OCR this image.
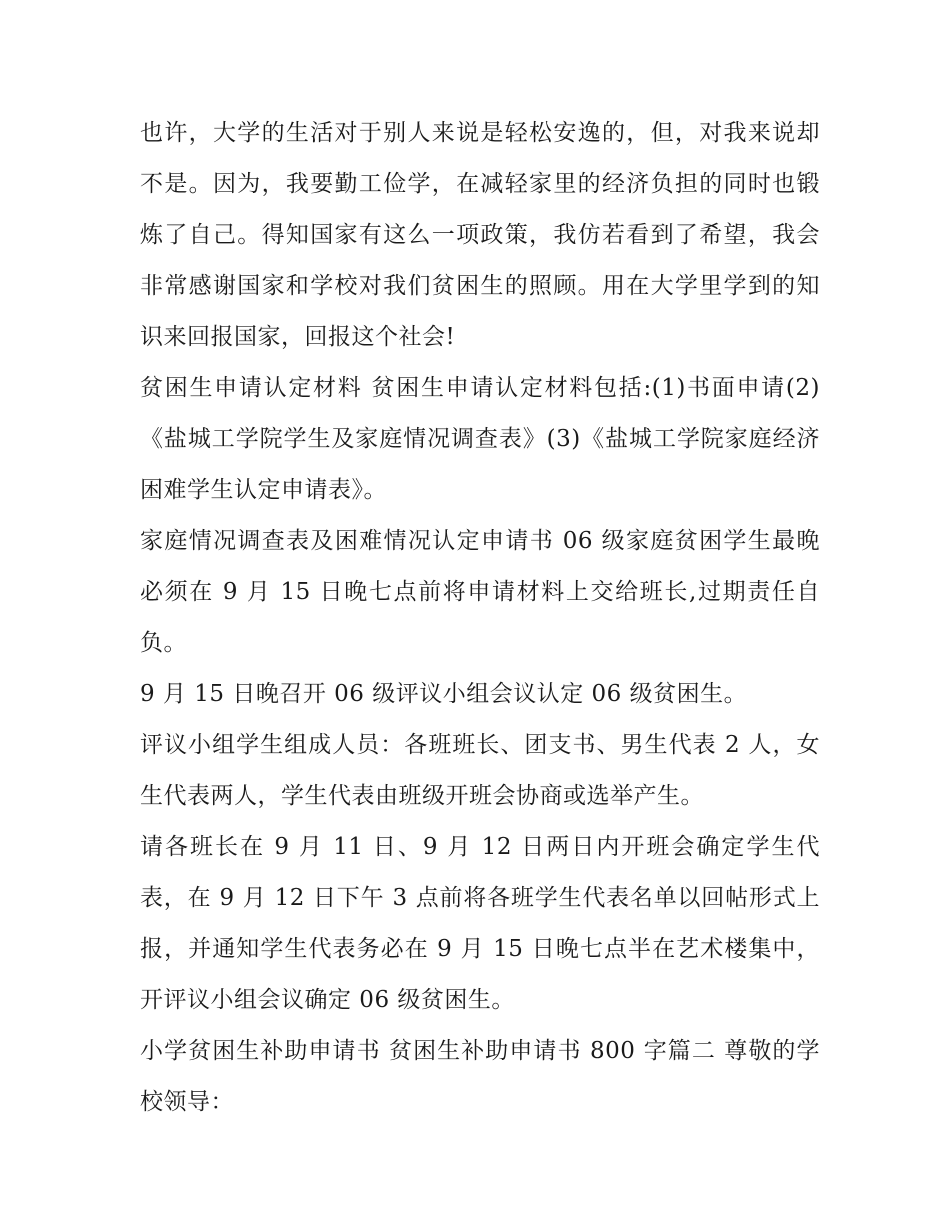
也许，大学的生活对于别人来说是轻松安逸的，但，对我来说却不是。因为，我要勤工俭学，在减轻家里的经济负担的同时也锻炼了自己。得知国家有这么一项政策，我仿若看到了希望，我会非常感谢国家和学校对我们贫困生的照顾。用在大学里学到的知识来回报国家，回报这个社会!

贫困生申请认定材料 贫困生申请认定材料包括:(1)书面申请(2)《盐城工学院学生及家庭情况调查表》(3)《盐城工学院家庭经济困难学生认定申请表》。

家庭情况调查表及困难情况认定申请书 06 级家庭贫困学生最晚必须在 9 月 15 日晚七点前将申请材料上交给班长,过期责任自负。

9 月 15 日晚召开 06 级评议小组会议认定 06 级贫困生。

评议小组学生组成人员：各班班长、团支书、男生代表 2 人，女生代表两人，学生代表由班级开班会协商或选举产生。

请各班长在 9 月 11 日、9 月 12 日两日内开班会确定学生代表，在 9 月 12 日下午 3 点前将各班学生代表名单以回帖形式上报，并通知学生代表务必在 9 月 15 日晚七点半在艺术楼集中，开评议小组会议确定 06 级贫困生。

小学贫困生补助申请书 贫困生补助申请书 800 字篇二 尊敬的学校领导：
